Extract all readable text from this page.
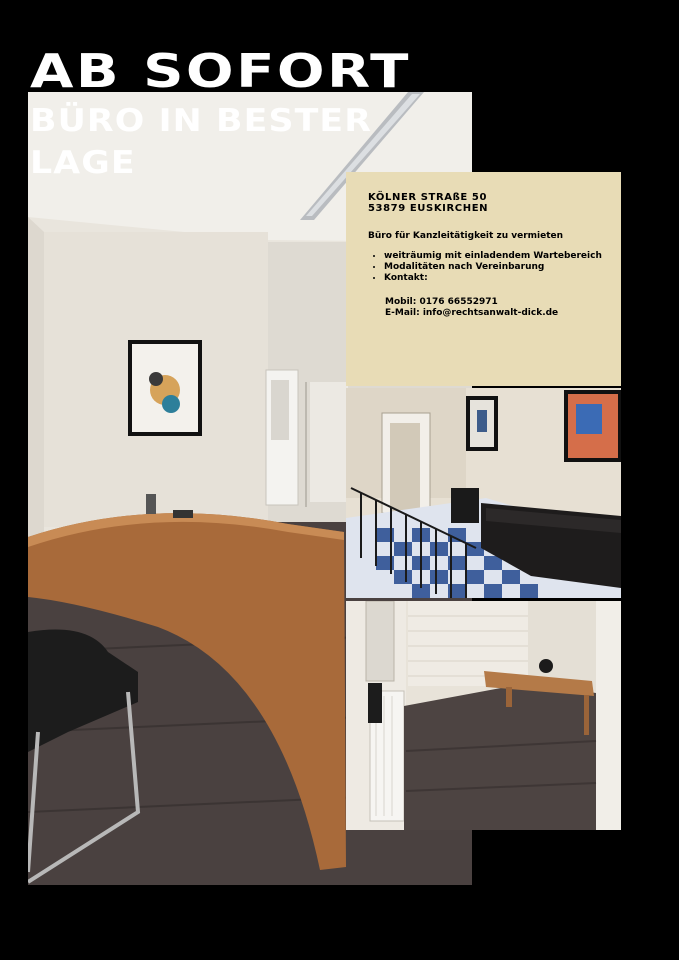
AB SOFORT
BÜRO IN BESTER
LAGE
KÖLNER STRAßE 50
53879 EUSKIRCHEN
Büro für Kanzleitätigkeit zu vermieten
• weiträumig mit einladendem Wartebereich
• Modalitäten nach Vereinbarung
• Kontakt:
Mobil: 0176 66552971
E-Mail: info@rechtsanwalt-dick.de
